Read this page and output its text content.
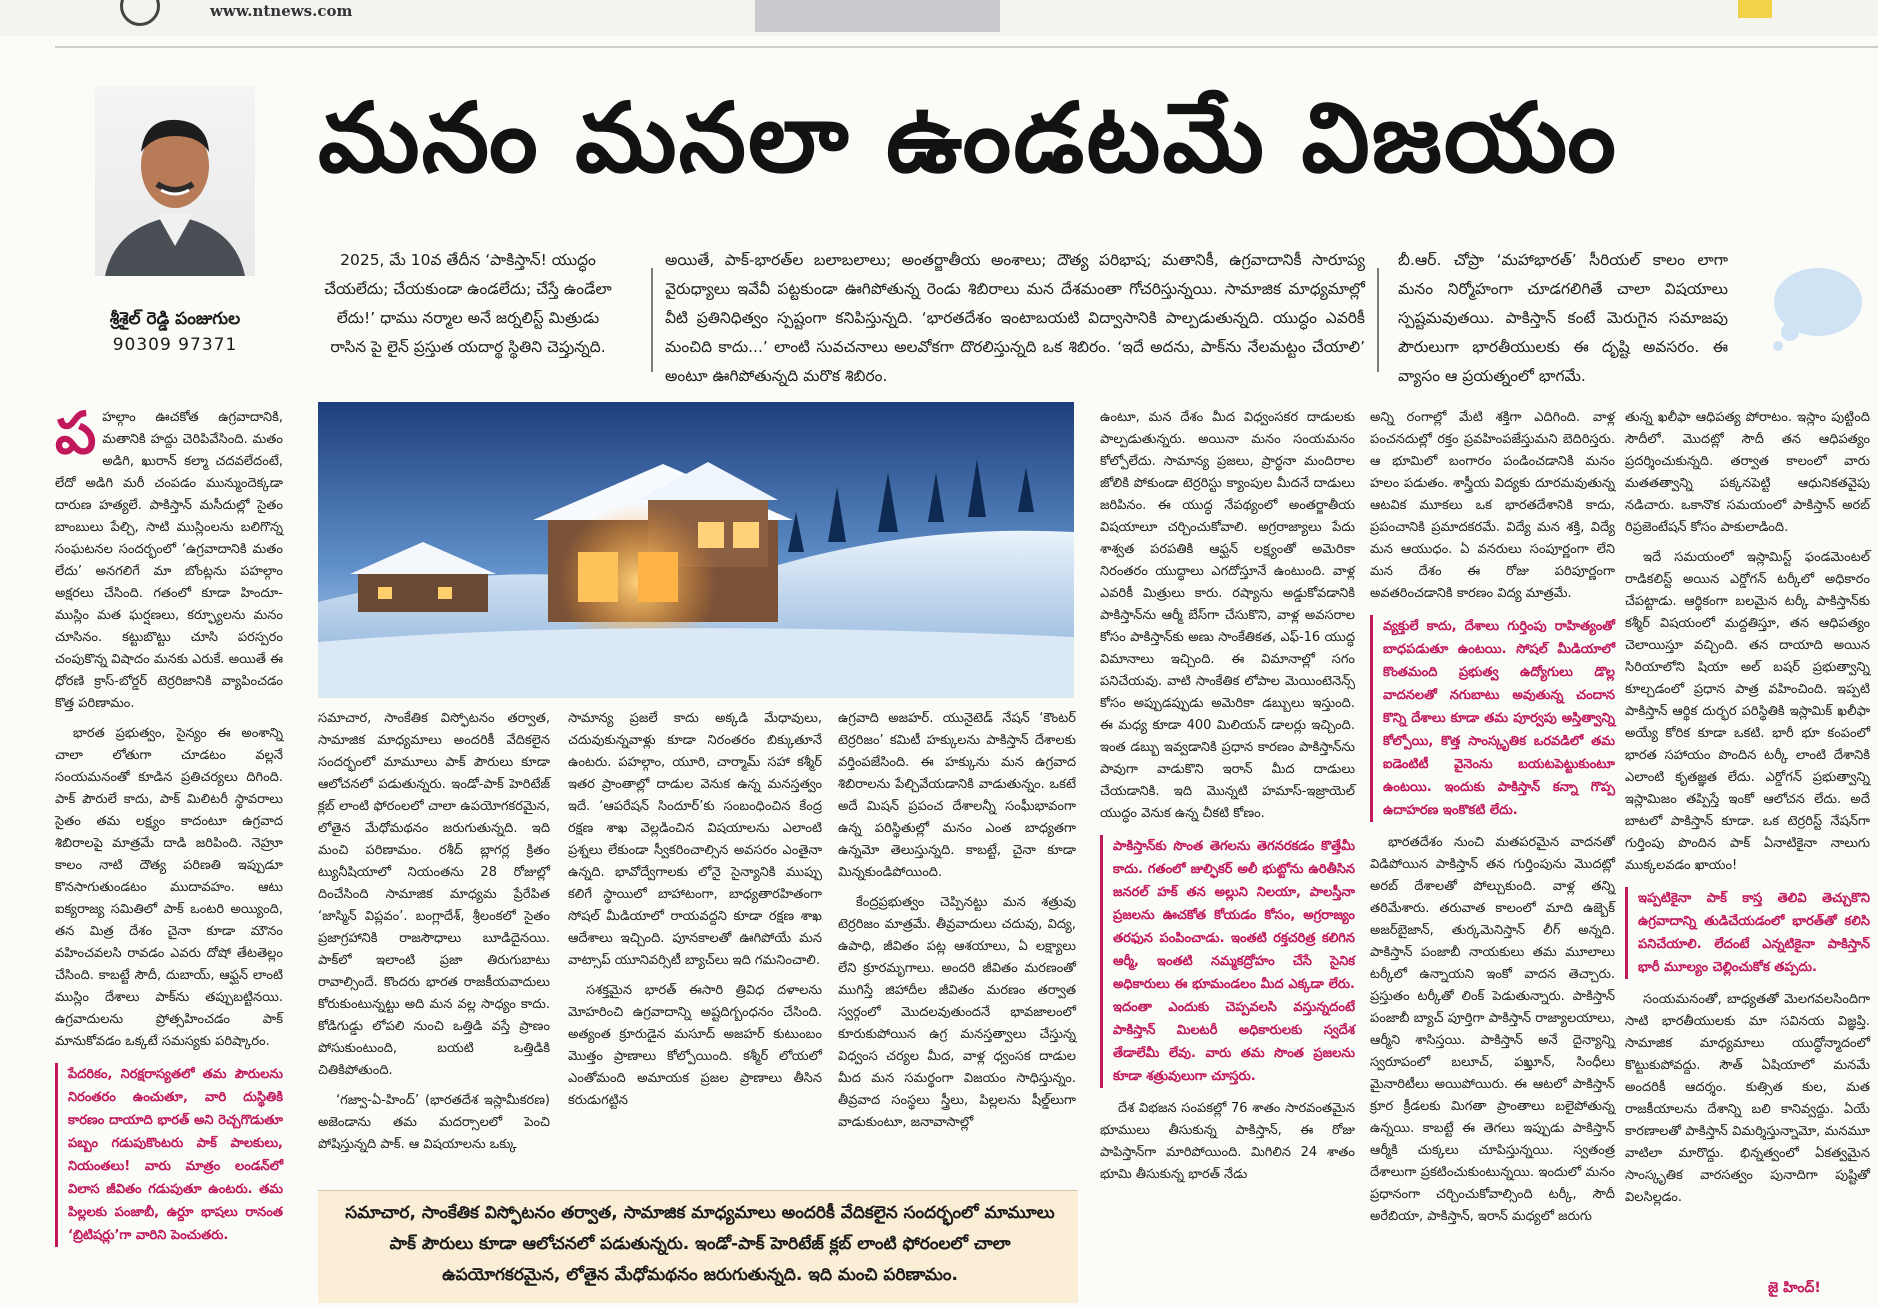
www.ntnews.com
శ్రీశైల్ రెడ్డి పంజుగుల
90309 97371
మనం మనలా ఉండటమే విజయం
2025, మే 10వ తేదీన ‘పాకిస్తాన్! యుద్ధం చేయలేదు; చేయకుండా ఉండలేదు; చేస్తే ఉండేలా లేదు!’ ధాము నర్మాల అనే జర్నలిస్ట్ మిత్రుడు రాసిన పై లైన్ ప్రస్తుత యదార్థ స్థితిని చెప్తున్నది.
అయితే, పాక్-భారత్‌ల బలాబలాలు; అంతర్జాతీయ అంశాలు; దౌత్య పరిభాష; మతానికీ, ఉగ్రవాదానికీ సారూప్య వైరుధ్యాలు ఇవేవీ పట్టకుండా ఊగిపోతున్న రెండు శిబిరాలు మన దేశమంతా గోచరిస్తున్నయి. సామాజిక మాధ్యమాల్లో వీటి ప్రతినిధిత్వం స్పష్టంగా కనిపిస్తున్నది. ‘భారతదేశం ఇంటాబయటి విద్వాసానికి పాల్పడుతున్నది. యుద్ధం ఎవరికీ మంచిది కాదు...’ లాంటి సువచనాలు అలవోకగా దొరలిస్తున్నది ఒక శిబిరం. ‘ఇదే అదను, పాక్‌ను నేలమట్టం చేయాలి’ అంటూ ఊగిపోతున్నది మరొక శిబిరం.
బీ.ఆర్. చోప్రా ‘మహాభారత్’ సీరియల్ కాలం లాగా మనం నిర్మోహంగా చూడగలిగితే చాలా విషయాలు స్పష్టమవుతయి. పాకిస్తాన్ కంటే మెరుగైన సమాజపు పౌరులుగా భారతీయులకు ఈ దృష్టి అవసరం. ఈ వ్యాసం ఆ ప్రయత్నంలో భాగమే.

పహల్గాం ఊచకోత ఉగ్రవాదానికి, మతానికి హద్దు చెరిపివేసింది. మతం అడిగి, ఖురాన్ కల్మా చదవలేదంటే, లేదో అడిగి మరీ చంపడం మున్ముందెక్కడా దారుణ హత్యలే. పాకిస్తాన్ మసీదుల్లో సైతం బాంబులు పేల్చి, సాటి ముస్లింలను బలిగొన్న సంఘటనల సందర్భంలో ‘ఉగ్రవాదానికి మతం లేదు’ అనగలిగే మా బోంట్లను పహల్గాం అక్షరలు చేసింది. గతంలో కూడా హిందూ-ముస్లిం మత ఘర్షణలు, కర్ఫ్యూలను మనం చూసినం. కట్టుబొట్టు చూసి పరస్పరం చంపుకొన్న విషాదం మనకు ఎరుకే. అయితే ఈ ధోరణి క్రాస్-బోర్డర్ టెర్రరిజానికి వ్యాపించడం కొత్త పరిణామం.

భారత ప్రభుత్వం, సైన్యం ఈ అంశాన్ని చాలా లోతుగా చూడటం వల్లనే సంయమనంతో కూడిన ప్రతిచర్యలు దిగింది. పాక్ పౌరులే కాదు, పాక్ మిలిటరీ స్థావరాలు సైతం తమ లక్ష్యం కాదంటూ ఉగ్రవాద శిబిరాలపై మాత్రమే దాడి జరిపింది. నెహ్రూ కాలం నాటి దౌత్య పరిణతి ఇప్పుడూ కొనసాగుతుండటం ముదావహం. ఆటు ఐక్యరాజ్య సమితిలో పాక్ ఒంటరి అయ్యింది, తన మిత్ర దేశం చైనా కూడా మౌనం వహించవలసి రావడం ఎవరు దోషో తేటతెల్లం చేసింది. కాబట్టే సౌదీ, దుబాయ్, ఆఫ్ఘన్ లాంటి ముస్లిం దేశాలు పాక్‌ను తప్పుబట్టినయి. ఉగ్రవాదులను ప్రోత్సహించడం పాక్ మానుకోవడం ఒక్కటే సమస్యకు పరిష్కారం.

పేదరికం, నిరక్షరాస్యతలో తమ పౌరులను నిరంతరం ఉంచుతూ, వారి దుస్థితికి కారణం దాయాది భారత్ అని రెచ్చగొడుతూ పబ్బం గడుపుకొంటరు పాక్ పాలకులు, నియంతలు! వారు మాత్రం లండన్‌లో విలాస జీవితం గడుపుతూ ఉంటరు. తమ పిల్లలకు పంజాబీ, ఉర్దూ భాషలు రానంత ‘బ్రిటిషర్లు’గా వారిని పెంచుతరు.

సమాచార, సాంకేతిక విస్ఫోటనం తర్వాత, సామాజిక మాధ్యమాలు అందరికీ వేదికలైన సందర్భంలో మామూలు పాక్ పౌరులు కూడా ఆలోచనలో పడుతున్నరు. ఇండో-పాక్ హెరిటేజ్ క్లబ్ లాంటి ఫోరంలలో చాలా ఉపయోగకరమైన, లోతైన మేధోమథనం జరుగుతున్నది. ఇది మంచి పరిణామం. రశీద్ బ్లాగర్ల క్రితం ట్యునీషియాలో నియంతను 28 రోజుల్లో దించేసింది సామాజిక మాధ్యమ ప్రేరేపిత ‘జాస్మిన్ విప్లవం’. బంగ్లాదేశ్, శ్రీలంకలో సైతం ప్రజాగ్రహానికి రాజసౌధాలు బూడిదైనయి. పాక్‌లో ఇలాంటి ప్రజా తిరుగుబాటు రావాల్సిందే. కొందరు భారత రాజకీయవాదులు కోరుకుంటున్నట్టు అది మన వల్ల సాధ్యం కాదు. కోడిగుడ్డు లోపలి నుంచి ఒత్తిడి వస్తే ప్రాణం పోసుకుంటుంది, బయటి ఒత్తిడికి చితికిపోతుంది.

‘గజ్వా-ఏ-హింద్’ (భారతదేశ ఇస్లామీకరణ) అజెండాను తమ మదర్సాలలో పెంచి పోషిస్తున్నది పాక్. ఆ విషయాలను ఒక్కు

సామాన్య ప్రజలే కాదు అక్కడి మేధావులు, చదువుకున్నవాళ్లు కూడా నిరంతరం బిక్కుతూనే ఉంటరు. పహల్గాం, యూరి, చార్మామ్ సహా కశ్మీర్ ఇతర ప్రాంతాల్లో దాడుల వెనుక ఉన్న మనస్తత్వం ఇదే. ‘ఆపరేషన్ సిందూర్’కు సంబంధించిన కేంద్ర రక్షణ శాఖ వెల్లడించిన విషయాలను ఎలాంటి ప్రశ్నలు లేకుండా స్వీకరించాల్సిన అవసరం ఎంతైనా ఉన్నది. భావోద్వేగాలకు లోనై సైన్యానికి ముప్పు కలిగే స్థాయిలో బాహాటంగా, బాధ్యతారహితంగా సోషల్ మీడియాలో రాయవద్దని కూడా రక్షణ శాఖ ఆదేశాలు ఇచ్చింది. పూనకాలతో ఊగిపోయే మన వాట్సాప్ యూనివర్సిటీ బ్యాచ్‌లు ఇది గమనించాలి.

సశక్తమైన భారత్ ఈసారి త్రివిధ దళాలను మోహరించి ఉగ్రవాదాన్ని అష్టదిగ్బంధనం చేసింది. అత్యంత క్రూరుడైన మసూద్ అజహర్ కుటుంబం మొత్తం ప్రాణాలు కోల్పోయింది. కశ్మీర్ లోయలో ఎంతోమంది అమాయక ప్రజల ప్రాణాలు తీసిన కరుడుగట్టిన

ఉగ్రవాది అజహర్. యునైటెడ్ నేషన్ ‘కౌంటర్ టెర్రరిజం’ కమిటీ హక్కులను పాకిస్తాన్ దేశాలకు వర్తింపజేసింది. ఈ హక్కును మన ఉగ్రవాద శిబిరాలను పేల్చివేయడానికి వాడుతున్నం. ఒకటే అదే మిషన్ ప్రపంచ దేశాలన్నీ సంఘీభావంగా ఉన్న పరిస్థితుల్లో మనం ఎంత బాధ్యతగా ఉన్నమో తెలుస్తున్నది. కాబట్టే, చైనా కూడా మిన్నకుండిపోయింది.

కేంద్రప్రభుత్వం చెప్పినట్టు మన శత్రువు టెర్రరిజం మాత్రమే. తీవ్రవాదులు చదువు, విద్య, ఉపాధి, జీవితం పట్ల ఆశయాలు, ఏ లక్ష్యాలు లేని క్రూరమృగాలు. అందరి జీవితం మరణంతో ముగిస్తే జిహాదీల జీవితం మరణం తర్వాత స్వర్గంలో మొదలవుతుందనే భావజాలంలో కూరుకుపోయిన ఉగ్ర మనస్తత్వాలు చేస్తున్న విధ్వంస చర్యల మీద, వాళ్ల ధ్వంసక దాడుల మీద మన సమర్థంగా విజయం సాధిస్తున్నం. తీవ్రవాద సంస్థలు స్త్రీలు, పిల్లలను షీల్డ్‌లుగా వాడుకుంటూ, జనావాసాల్లో

ఉంటూ, మన దేశం మీద విధ్వంసకర దాడులకు పాల్పడుతున్నరు. అయినా మనం సంయమనం కోల్పోలేదు. సామాన్య ప్రజలు, ప్రార్థనా మందిరాల జోలికి పోకుండా టెర్రరిస్టు క్యాంపుల మీదనే దాడులు జరిపినం. ఈ యుద్ధ నేపథ్యంలో అంతర్జాతీయ విషయాలూ చర్చించుకోవాలి. అగ్రరాజ్యాలు పేదు శాశ్వత పరపతికి ఆఫ్ఘన్ లక్ష్యంతో అమెరికా నిరంతరం యుద్ధాలు ఎగదోస్తూనే ఉంటుంది. వాళ్ల ఎవరికీ మిత్రులు కారు. రష్యాను అడ్డుకోవడానికి పాకిస్తాన్‌ను ఆర్మీ బేస్‌గా చేసుకొని, వాళ్ల అవసరాల కోసం పాకిస్తాన్‌కు అణు సాంకేతికత, ఎఫ్-16 యుద్ధ విమానాలు ఇచ్చింది. ఈ విమానాల్లో సగం పనిచేయవు. వాటి సాంకేతిక లోపాల మెయింటెనెన్స్ కోసం అప్పుడప్పుడు అమెరికా డబ్బులు ఇస్తుంది. ఈ మధ్య కూడా 400 మిలియన్ డాలర్లు ఇచ్చింది. ఇంత డబ్బు ఇవ్వడానికి ప్రధాన కారణం పాకిస్తాన్‌ను పావుగా వాడుకొని ఇరాన్ మీద దాడులు చేయడానికి. ఇది మొన్నటి హమాస్-ఇజ్రాయెల్ యుద్ధం వెనుక ఉన్న చీకటి కోణం.

పాకిస్తాన్‌కు సొంత తెగలను తెగనరకడం కొత్తేమీ కాదు. గతంలో జుల్ఫికర్ అలీ భుట్టోను ఉరితీసిన జనరల్ హక్ తన అల్లుని నిలయా, పాలస్తీనా ప్రజలను ఊచకోత కోయడం కోసం, అగ్రరాజ్యం తరఫున పంపించాడు. ఇంతటి రక్తచరిత్ర కలిగిన ఆర్మీ, ఇంతటి నమ్మకద్రోహం చేసే సైనిక అధికారులు ఈ భూమండలం మీద ఎక్కడా లేరు. ఇదంతా ఎందుకు చెప్పవలసి వస్తున్నదంటే పాకిస్తాన్ మిలటరీ అధికారులకు స్వదేశ తేడాలేమీ లేవు. వారు తమ సొంత ప్రజలను కూడా శత్రువులుగా చూస్తరు.

దేశ విభజన సంపకల్లో 76 శాతం సారవంతమైన భూములు తీసుకున్న పాకిస్తాన్, ఈ రోజు పాపిస్తాన్‌గా మారిపోయింది. మిగిలిన 24 శాతం భూమి తీసుకున్న భారత్ నేడు

అన్ని రంగాల్లో మేటి శక్తిగా ఎదిగింది. వాళ్ల పంచనదుల్లో రక్తం ప్రవహింపజేస్తుమని బెదిరిస్తరు. ఆ భూమిలో బంగారం పండించడానికి మనం హలం పడుతం. శాస్త్రీయ విద్యకు దూరమవుతున్న ఆటవిక మూకలు ఒక భారతదేశానికి కాదు, ప్రపంచానికి ప్రమాదకరమే. విద్యే మన శక్తి, విద్యే మన ఆయుధం. ఏ వనరులు సంపూర్ణంగా లేని మన దేశం ఈ రోజు పరిపూర్ణంగా అవతరించడానికి కారణం విద్య మాత్రమే.

వ్యక్తులే కాదు, దేశాలు గుర్తింపు రాహిత్యంతో బాధపడుతూ ఉంటయి. సోషల్ మీడియాలో కొంతమంది ప్రభుత్వ ఉద్యోగులు డొల్ల వాదనలతో నగుబాటు అవుతున్న చందాన కొన్ని దేశాలు కూడా తమ పూర్వపు అస్తిత్వాన్ని కోల్పోయి, కొత్త సాంస్కృతిక ఒరవడిలో తమ ఐడెంటిటీ వైనెంను బయటపెట్టుకుంటూ ఉంటయి. ఇందుకు పాకిస్తాన్ కన్నా గొప్ప ఉదాహరణ ఇంకొకటి లేదు.

భారతదేశం నుంచి మతపరమైన వాదనతో విడిపోయిన పాకిస్తాన్ తన గుర్తింపును మొదట్లో అరబ్ దేశాలతో పోల్చుకుంది. వాళ్ల తన్ని తరిమేశారు. తరువాత కాలంలో మాది ఉజ్బెక్ అజర్‌బైజాన్, తుర్కమెనిస్తాన్ లీగ్ అన్నది. పాకిస్తాన్ పంజాబీ నాయకులు తమ మూలాలు టర్కీలో ఉన్నాయని ఇంకో వాదన తెచ్చారు. ప్రస్తుతం టర్కీతో లింక్ పెడుతున్నారు. పాకిస్తాన్ పంజాబీ బ్యాచ్ పూర్తిగా పాకిస్తాన్ రాజ్యాలయాలు, ఆర్మీని శాసిస్తయి. పాకిస్తాన్ అనే దైన్యాన్ని స్వరూపంలో బలూచ్, పఖ్తూన్, సింధీలు మైనారిటీలు అయిపోయిరు. ఈ ఆటలో పాకిస్తాన్ క్రూర క్రీడలకు మిగతా ప్రాంతాలు బలైపోతున్న ఉన్నయి. కాబట్టే ఈ తెగలు ఇప్పుడు పాకిస్తాన్ ఆర్మీకి చుక్కలు చూపిస్తున్నయి. స్వతంత్ర దేశాలుగా ప్రకటించుకుంటున్నయి. ఇందులో మనం ప్రధానంగా చర్చించుకోవాల్సింది టర్కీ, సౌదీ అరేబియా, పాకిస్తాన్, ఇరాన్ మధ్యలో జరుగు

తున్న ఖలీఫా ఆధిపత్య పోరాటం. ఇస్లాం పుట్టింది సౌదీలో. మొదట్లో సౌదీ తన ఆధిపత్యం ప్రదర్శించుకున్నది. తర్వాత కాలంలో వారు మతతత్వాన్ని పక్కనపెట్టి ఆధునికతవైపు నడిచారు. ఒకానొక సమయంలో పాకిస్తాన్ అరబ్ రిప్రజెంటేషన్ కోసం పాకులాడింది.

ఇదే సమయంలో ఇస్లామిస్ట్ ఫండమెంటల్ రాడికలిస్ట్ అయిన ఎర్డోగన్ టర్కీలో అధికారం చేపట్టాడు. ఆర్థికంగా బలమైన టర్కీ పాకిస్తాన్‌కు కశ్మీర్ విషయంలో మద్దతిస్తూ, తన ఆధిపత్యం చెలాయిస్తూ వచ్చింది. తన దాయాది అయిన సిరియాలోని షియా అల్ బషర్ ప్రభుత్వాన్ని కూల్చడంలో ప్రధాన పాత్ర వహించింది. ఇప్పటి పాకిస్తాన్ ఆర్థిక దుర్భర పరిస్థితికి ఇస్లామిక్ ఖలీఫా అయ్యే కోరిక కూడా ఒకటి. భారీ భూ కంపంలో భారత సహాయం పొందిన టర్కీ లాంటి దేశానికి ఎలాంటి కృతజ్ఞత లేదు. ఎర్డోగన్ ప్రభుత్వాన్ని ఇస్లామిజం తప్పిస్తే ఇంకో ఆలోచన లేదు. అదే బాటలో పాకిస్తాన్ కూడా. ఒక టెర్రరిస్ట్ నేషన్‌గా గుర్తింపు పొందిన పాక్ ఏనాటికైనా నాలుగు ముక్కలవడం ఖాయం!

ఇప్పటికైనా పాక్ కాస్త తెలివి తెచ్చుకొని ఉగ్రవాదాన్ని తుడిచేయడంలో భారత్‌తో కలిసి పనిచేయాలి. లేదంటే ఎన్నటికైనా పాకిస్తాన్ భారీ మూల్యం చెల్లించుకోక తప్పదు.

సంయమనంతో, బాధ్యతతో మెలగవలసిందిగా సాటి భారతీయులకు మా సవినయ విజ్ఞప్తి. సామాజిక మాధ్యమాలు యుద్ధోన్మాదంలో కొట్టుకుపోవద్దు. సౌత్ ఏషియాలో మనమే అందరికీ ఆదర్శం. కుత్సిత కుల, మత రాజకీయాలను దేశాన్ని బలి కానివ్వద్దు. ఏయే కారణాలతో పాకిస్తాన్ విమర్శిస్తున్నామో, మనమూ వాటిలా మారొద్దు. భిన్నత్వంలో ఏకత్వమైన సాంస్కృతిక వారసత్వం పునాదిగా పుష్టితో విలసిల్లడం.

సమాచార, సాంకేతిక విస్ఫోటనం తర్వాత, సామాజిక మాధ్యమాలు అందరికీ వేదికలైన సందర్భంలో మామూలు పాక్ పౌరులు కూడా ఆలోచనలో పడుతున్నరు. ఇండో-పాక్ హెరిటేజ్ క్లబ్ లాంటి ఫోరంలలో చాలా ఉపయోగకరమైన, లోతైన మేధోమథనం జరుగుతున్నది. ఇది మంచి పరిణామం.
జై హింద్!
